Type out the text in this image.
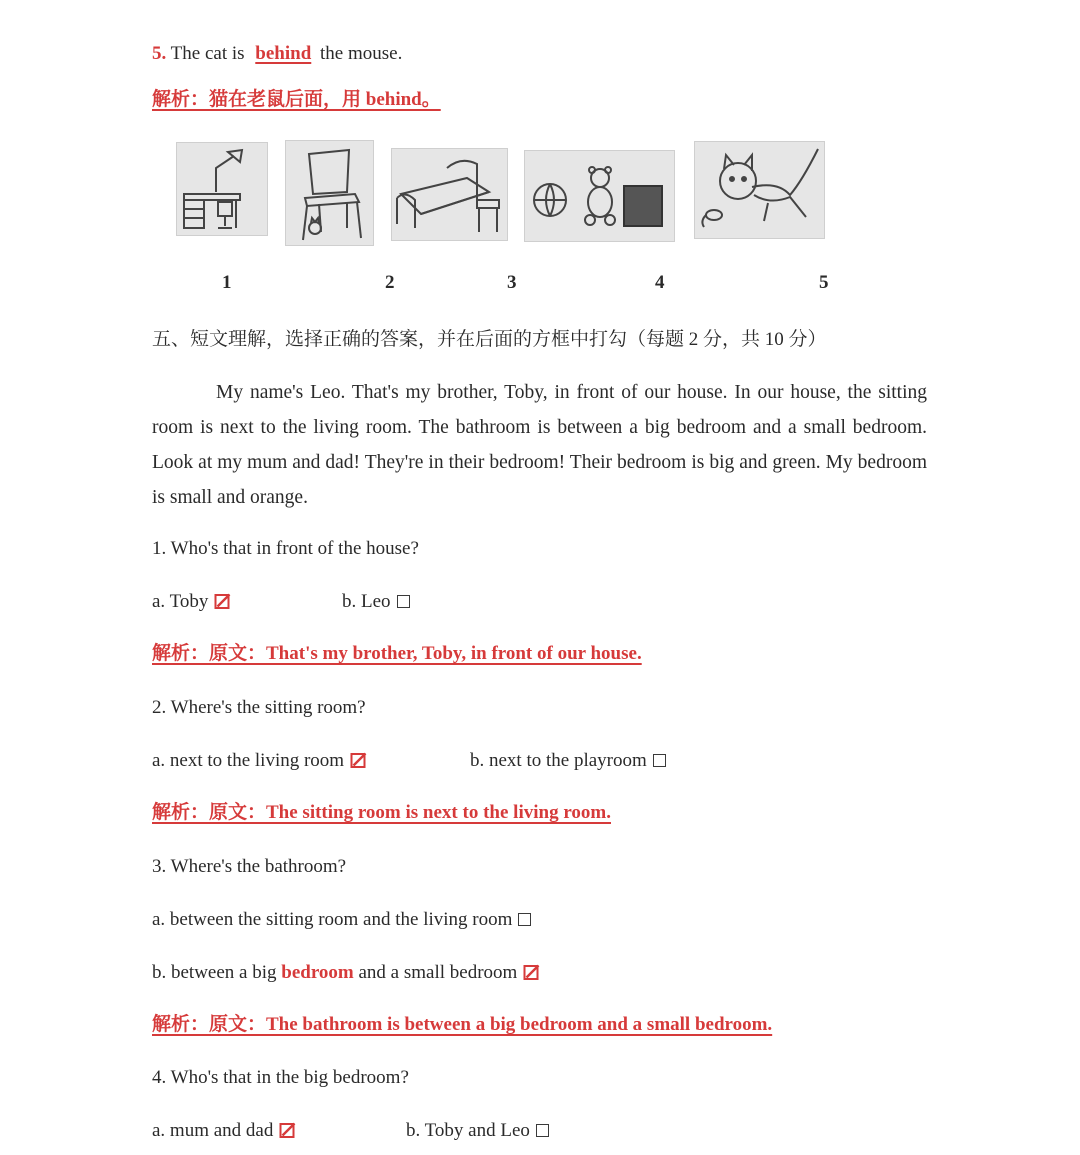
5. The cat is behind the mouse.
解析：猫在老鼠后面，用 behind。
1	2	3	4	5
五、短文理解，选择正确的答案，并在后面的方框中打勾（每题 2 分，共 10 分）
My name's Leo. That's my brother, Toby, in front of our house. In our house, the sitting room is next to the living room. The bathroom is between a big bedroom and a small bedroom. Look at my mum and dad! They're in their bedroom! Their bedroom is big and green. My bedroom is small and orange.
1. Who's that in front of the house?
a. Toby	b. Leo
解析：原文：That's my brother, Toby, in front of our house.
2. Where's the sitting room?
a. next to the living room	b. next to the playroom
解析：原文：The sitting room is next to the living room.
3. Where's the bathroom?
a. between the sitting room and the living room
b. between a big bedroom and a small bedroom
解析：原文：The bathroom is between a big bedroom and a small bedroom.
4. Who's that in the big bedroom?
a. mum and dad	b. Toby and Leo
